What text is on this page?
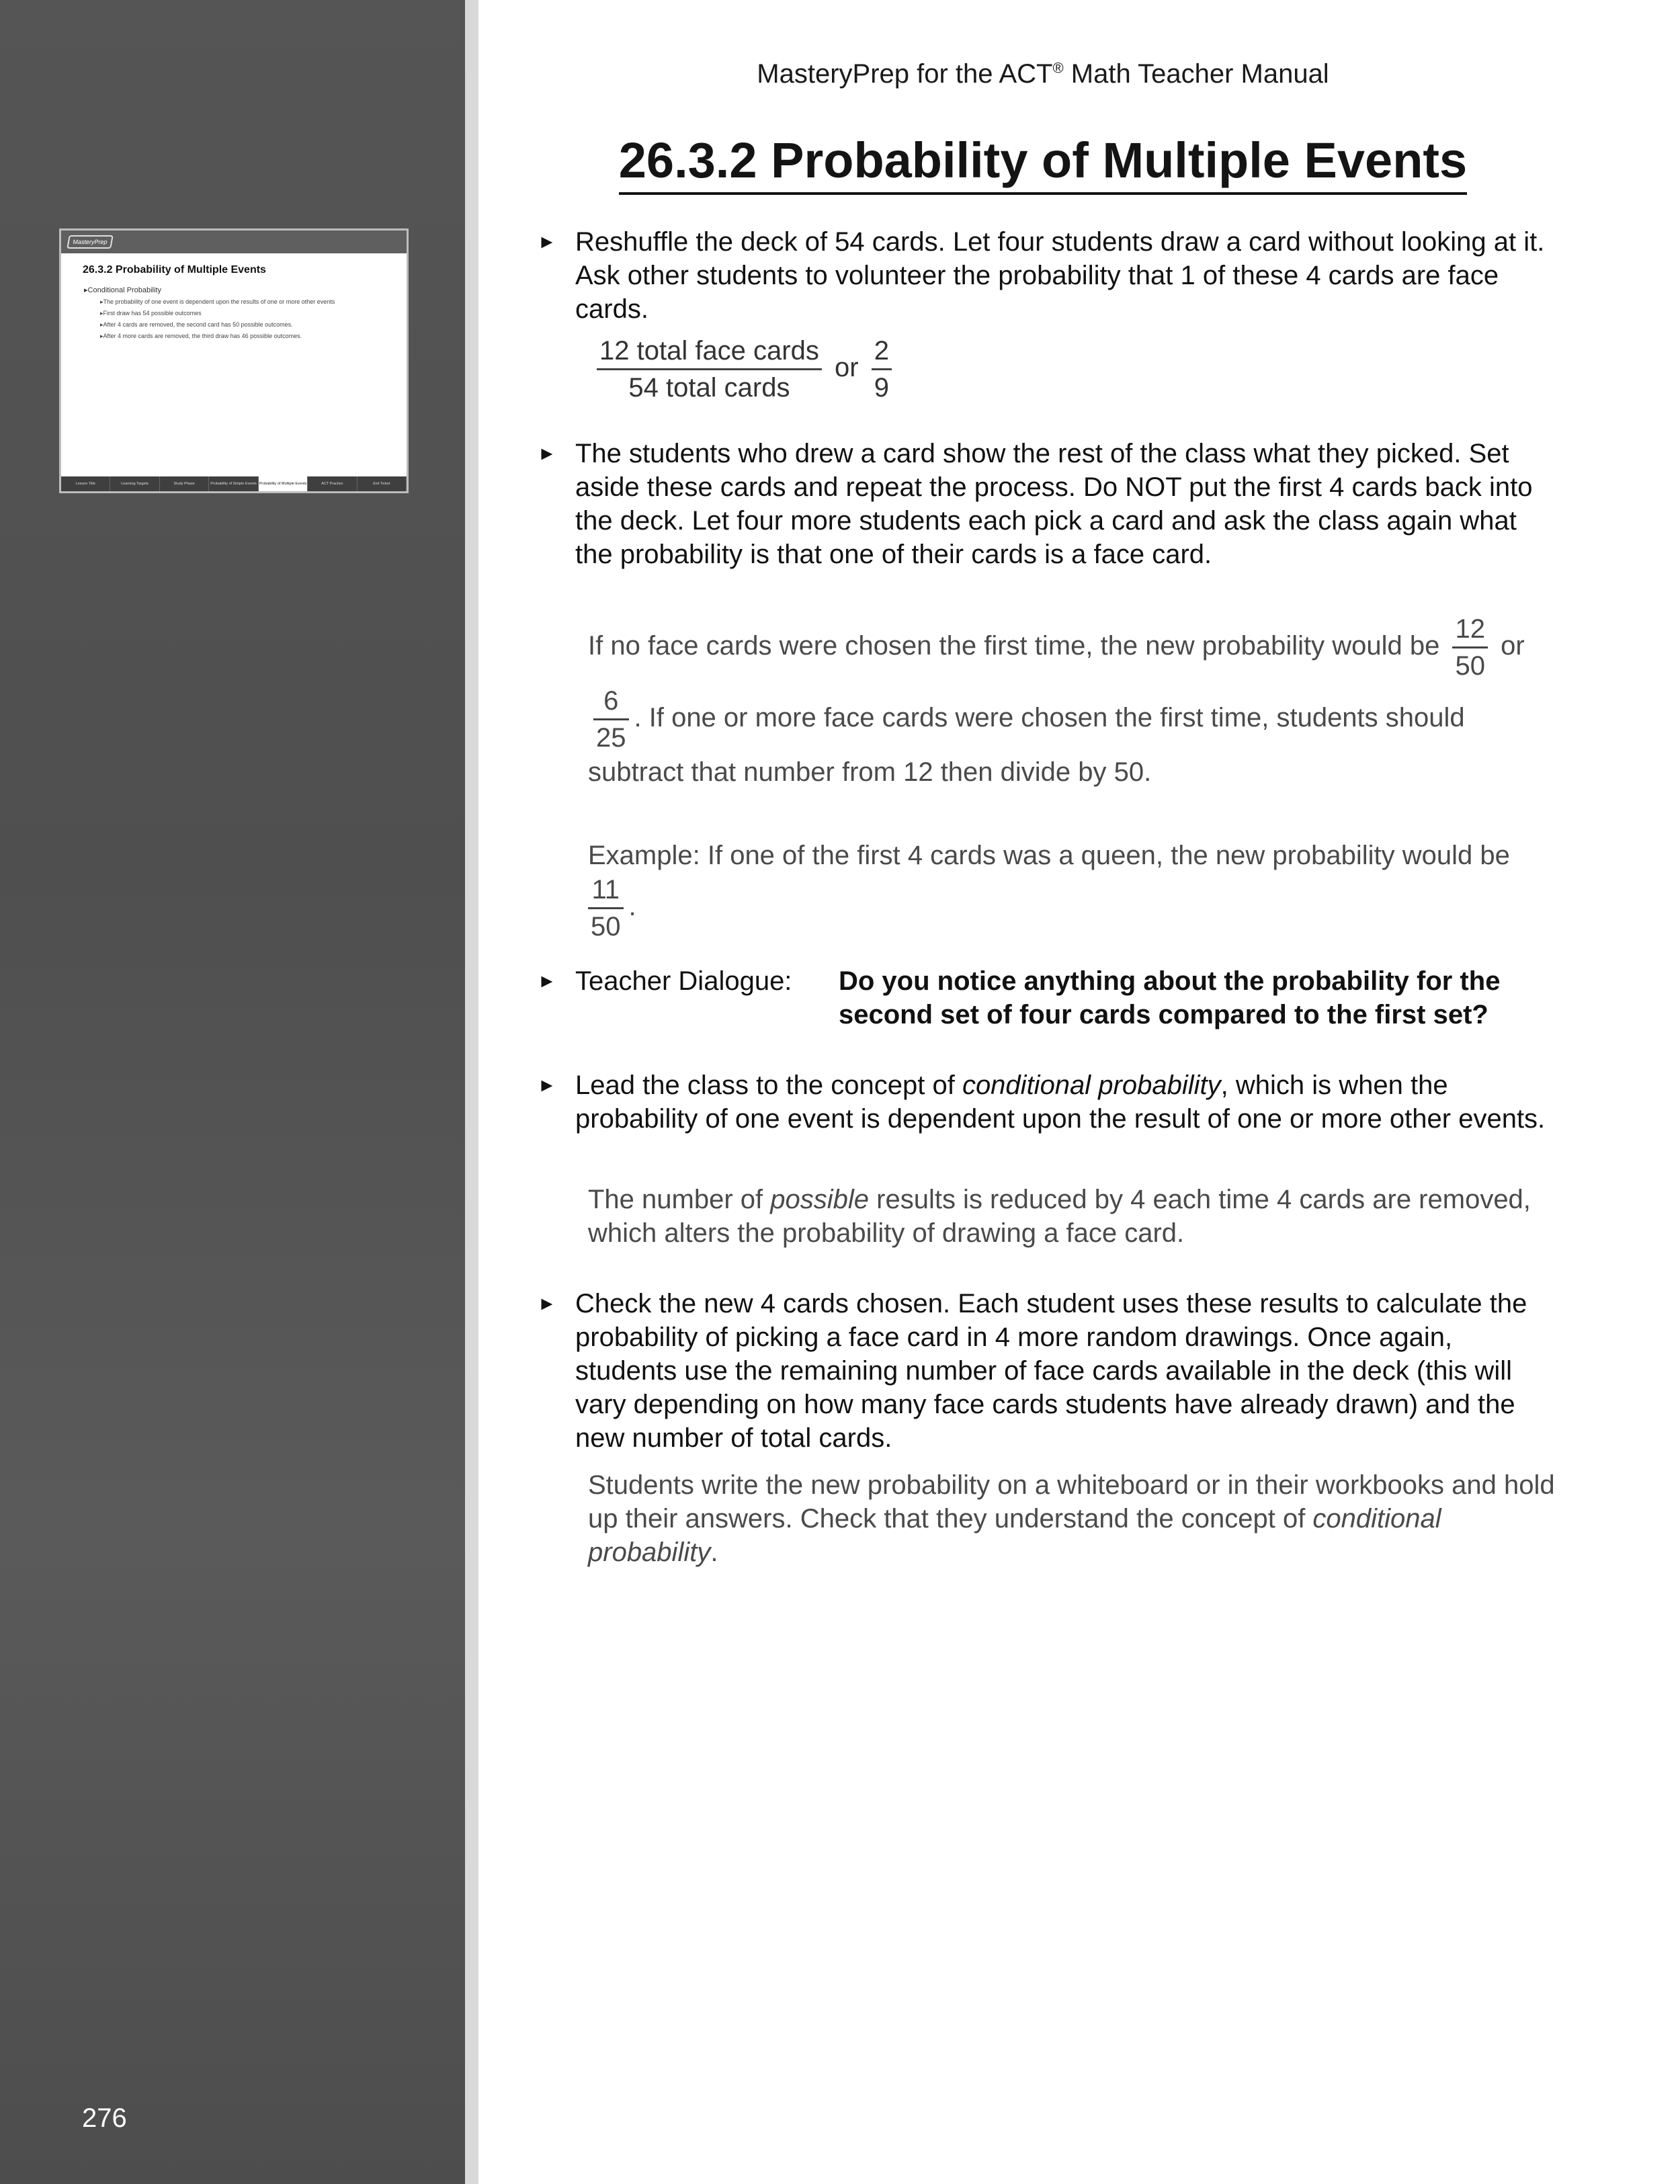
MasteryPrep
26.3.2 Probability of Multiple Events
▸ Conditional Probability
▸ The probability of one event is dependent upon the results of one or more other events
▸ First draw has 54 possible outcomes
▸ After 4 cards are removed, the second card has 50 possible outcomes.
▸ After 4 more cards are removed, the third draw has 46 possible outcomes.
Lesson Title	Learning Targets	Study Phase	Probability of Simple Events Probability of Multiple Events	ACT Practice	Exit Ticket
276
MasteryPrep for the ACT® Math Teacher Manual
26.3.2 Probability of Multiple Events
► Reshuffle the deck of 54 cards. Let four students draw a card without looking at it. Ask other students to volunteer the probability that 1 of these 4 cards are face cards.
$\frac{\text{12 total face cards}}{\text{54 total cards}}$ or $\frac{2}{9}$
► The students who drew a card show the rest of the class what they picked. Set aside these cards and repeat the process. Do NOT put the first 4 cards back into the deck. Let four more students each pick a card and ask the class again what the probability is that one of their cards is a face card.
If no face cards were chosen the first time, the new probability would be $\frac{12}{50}$ or
$\frac{6}{25}$ . If one or more face cards were chosen the first time, students should subtract that number from 12 then divide by 50.
Example: If one of the first 4 cards was a queen, the new probability would be

$\frac{11}{50}$ .
► Teacher Dialogue: Do you notice anything about the probability for the second set of four cards compared to the first set?
► Lead the class to the concept of conditional probability, which is when the probability of one event is dependent upon the result of one or more other events.
The number of possible results is reduced by 4 each time 4 cards are removed, which alters the probability of drawing a face card.
► Check the new 4 cards chosen. Each student uses these results to calculate the probability of picking a face card in 4 more random drawings. Once again, students use the remaining number of face cards available in the deck (this will vary depending on how many face cards students have already drawn) and the new number of total cards.
Students write the new probability on a whiteboard or in their workbooks and hold up their answers. Check that they understand the concept of conditional probability.
